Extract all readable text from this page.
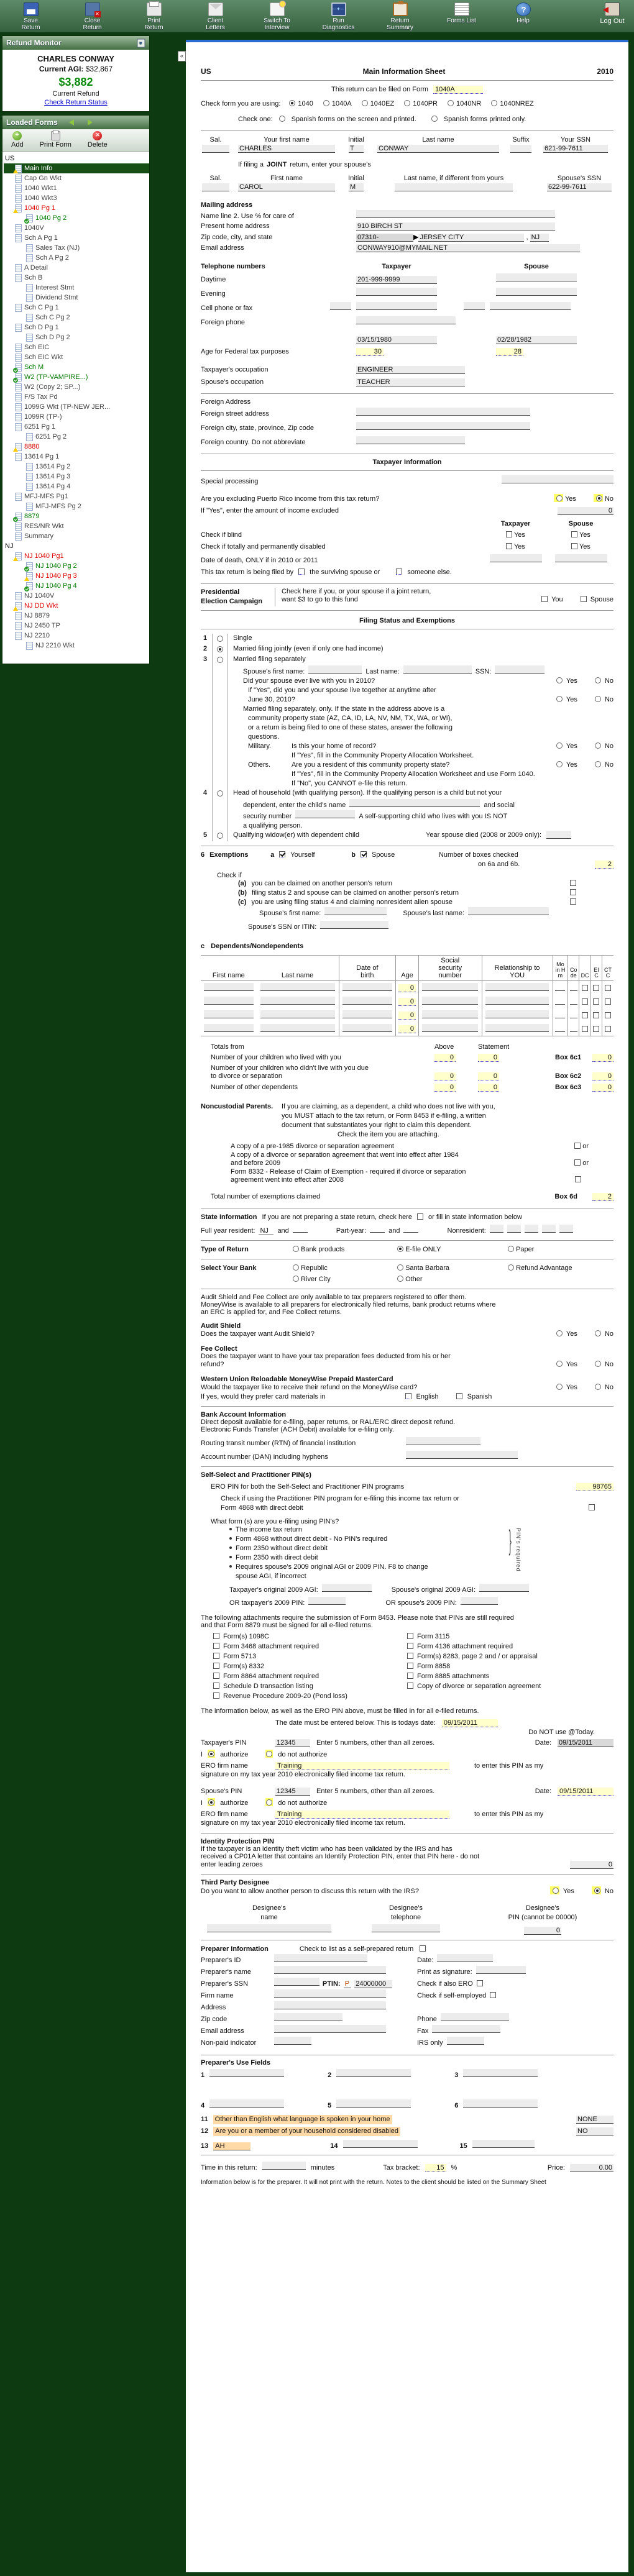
Save
Return
✕
Close
Return
Print
Return
Client
Letters
Switch To
Interview
─✦─
Run
Diagnostics
Return
Summary
Forms List
?	Help	Log Out
Refund Monitor	»
CHARLES CONWAY
Current AGI: $32,867
$3,882
Current Refund
Check Return Status
Loaded Forms
+
Add Print Form
✕ Delete
US
Main Info
Cap Gn Wkt
1040 Wkt1
1040 Wkt3
1040 Pg 1
1040 Pg 2
1040V
Sch A Pg 1
Sales Tax (NJ)
Sch A Pg 2
A Detail
Sch B
Interest Stmt
Dividend Stmt
Sch C Pg 1
Sch C Pg 2
Sch D Pg 1
Sch D Pg 2
Sch EIC
Sch EIC Wkt
Sch M
W2 (TP-VAMPIRE...)
W2 (Copy 2; SP...)
F/S Tax Pd
1099G Wkt (TP-NEW JER...
1099R (TP-)
6251 Pg 1
6251 Pg 2
8880
13614 Pg 1
13614 Pg 2
13614 Pg 3
13614 Pg 4
MFJ-MFS Pg1
MFJ-MFS Pg 2
8879
RES/NR Wkt
Summary
NJ
NJ 1040 Pg1
NJ 1040 Pg 2
NJ 1040 Pg 3
NJ 1040 Pg 4
NJ 1040V
NJ DD Wkt
NJ 8879
NJ 2450 TP
NJ 2210
NJ 2210 Wkt
«
US	Main Information Sheet	2010
This return can be filed on Form 1040A
Check form you are using:	1040	1040A	1040EZ	1040PR	1040NR	1040NREZ
Check one:	Spanish forms on the screen and printed.	Spanish forms printed only.
Sal.	Your first name
CHARLES
Initial
T
Last name
CONWAY
Suffix	Your SSN
621-99-7611
If filing a JOINT return, enter your spouse's
Sal.	First name
CAROL
Initial
M
Last name, if different from yours	Spouse's SSN
622-99-7611
Mailing address
Name line 2. Use % for care of
Present home address	910 BIRCH ST
Zip code, city, and state	07310-	▶ JERSEY CITY	, NJ
Email address	CONWAY910@MYMAIL.NET
Telephone numbers	Taxpayer	Spouse
Daytime	201-999-9999
Evening
Cell phone or fax
Foreign phone
03/15/1980	02/28/1982
Age for Federal tax purposes	30	28
Taxpayer's occupation	ENGINEER
Spouse's occupation	TEACHER
Foreign Address
Foreign street address
Foreign city, state, province, Zip code
Foreign country. Do not abbreviate
Taxpayer Information
Special processing
Are you excluding Puerto Rico income from this tax return?	Yes	No
If "Yes", enter the amount of income excluded	0
Taxpayer	Spouse
Check if blind	Yes	Yes
Check if totally and permanently disabled	Yes	Yes
Date of death, ONLY if in 2010 or 2011
This tax return is being filed by the surviving spouse or	someone else.
Presidential
Election Campaign
Check here if you, or your spouse if a joint return,
want $3 to go to this fund	You	Spouse
Filing Status and Exemptions
1	Single
2	Married filing jointly (even if only one had income)
3	Married filing separately
Spouse's first name:	Last name:	SSN:
Did your spouse ever live with you in 2010?	Yes	No
If "Yes", did you and your spouse live together at anytime after
June 30, 2010?	Yes	No
Married filing separately, only. If the state in the address above is a
community property state (AZ, CA, ID, LA, NV, NM, TX, WA, or WI),
or a return is being filed to one of these states, answer the following
questions.
Military.	Is this your home of record?	Yes	No
If "Yes", fill in the Community Property Allocation Worksheet.
Others.	Are you a resident of this community property state?	Yes	No
If "Yes", fill in the Community Property Allocation Worksheet and use Form 1040.
If "No", you CANNOT e-file this return.
4	Head of household (with qualifying person). If the qualifying person is a child but not your
dependent, enter the child's name	and social
security number	A self-supporting child who lives with you IS NOT
a qualifying person.
5	Qualifying widow(er) with dependent child	Year spouse died (2008 or 2009 only):
6 Exemptions	a Yourself	b Spouse	Number of boxes checked
on 6a and 6b.	2
Check if
(a) you can be claimed on another person's return
(b) filing status 2 and spouse can be claimed on another person's return
(c) you are using filing status 4 and claiming nonresident alien spouse
Spouse's first name:	Spouse's last name:
Spouse's SSN or ITIN:
c Dependents/Nondependents
First name	Last name	Date of birth	Age	Social security number	Relationship to YOU	Mo in Hm	Code	DC	EIC	CTC
			0							
			0							
			0							
			0							
Totals from	Above	Statement
Number of your children who lived with you	0	0	Box 6c1	0
Number of your children who didn't live with you due
to divorce or separation	0	0	Box 6c2	0
Number of other dependents	0	0	Box 6c3	0
Noncustodial Parents.	If you are claiming, as a dependent, a child who does not live with you,
you MUST attach to the tax return, or Form 8453 if e-filing, a written
document that substantiates your right to claim this dependent.
Check the item you are attaching.
A copy of a pre-1985 divorce or separation agreement	or
A copy of a divorce or separation agreement that went into effect after 1984
and before 2009	or
Form 8332 - Release of Claim of Exemption - required if divorce or separation
agreement went into effect after 2008
Total number of exemptions claimed	Box 6d	2
State Information If you are not preparing a state return, check here or fill in state information below
Full year resident: NJ	and	Part-year:	and	Nonresident:
Type of Return	Bank products	E-file ONLY	Paper
Select Your Bank	Republic	Santa Barbara	Refund Advantage
River City	Other
Audit Shield and Fee Collect are only available to tax preparers registered to offer them.
MoneyWise is available to all preparers for electronically filed returns, bank product returns where
an ERC is applied for, and Fee Collect returns.
Audit Shield
Does the taxpayer want Audit Shield?	Yes	No
Fee Collect
Does the taxpayer want to have your tax preparation fees deducted from his or her
refund?	Yes	No
Western Union Reloadable MoneyWise Prepaid MasterCard
Would the taxpayer like to receive their refund on the MoneyWise card?	Yes	No
If yes, would they prefer card materials in	English	Spanish
Bank Account Information
Direct deposit available for e-filing, paper returns, or RAL/ERC direct deposit refund.
Electronic Funds Transfer (ACH Debit) available for e-filing only.
Routing transit number (RTN) of financial institution
Account number (DAN) including hyphens
Self-Select and Practitioner PIN(s)
ERO PIN for both the Self-Select and Practitioner PIN programs	98765
Check if using the Practitioner PIN program for e-filing this income tax return or
Form 4868 with direct debit
What form (s) are you e-filing using PIN's?
The income tax return
Form 4868 without direct debit - No PIN's required
Form 2350 without direct debit
Form 2350 with direct debit
Requires spouse's 2009 original AGI or 2009 PIN. F8 to change
spouse AGI, if incorrect
} PIN's required
Taxpayer's original 2009 AGI:	Spouse's original 2009 AGI:
OR taxpayer's 2009 PIN:	OR spouse's 2009 PIN:
The following attachments require the submission of Form 8453. Please note that PINs are still required
and that Form 8879 must be signed for all e-filed returns.
Form(s) 1098C
Form 3468 attachment required
Form 5713
Form(s) 8332
Form 8864 attachment required
Schedule D transaction listing
Revenue Procedure 2009-20 (Pond loss)
Form 3115
Form 4136 attachment required
Form(s) 8283, page 2 and / or appraisal
Form 8858
Form 8885 attachments
Copy of divorce or separation agreement
The information below, as well as the ERO PIN above, must be filled in for all e-filed returns.
The date must be entered below. This is todays date: 09/15/2011
Do NOT use @Today.
Taxpayer's PIN	12345	Enter 5 numbers, other than all zeroes.	Date: 09/15/2011
I	authorize	do not authorize
ERO firm name	Training	to enter this PIN as my
signature on my tax year 2010 electronically filed income tax return.
Spouse's PIN	12345	Enter 5 numbers, other than all zeroes.	Date: 09/15/2011
I	authorize	do not authorize
ERO firm name	Training	to enter this PIN as my
signature on my tax year 2010 electronically filed income tax return.
Identity Protection PIN
If the taxpayer is an identity theft victim who has been validated by the IRS and has
received a CP01A letter that contains an Identify Protection PIN, enter that PIN here - do not
enter leading zeroes	0
Third Party Designee
Do you want to allow another person to discuss this return with the IRS?	Yes	No
Designee's
name
Designee's
telephone
Designee's
PIN (cannot be 00000)
0
Preparer Information	Check to list as a self-prepared return
Preparer's ID	Date:
Preparer's name	Print as signature:
Preparer's SSN	PTIN: P 24000000	Check if also ERO
Firm name	Check if self-employed
Address
Zip code	Phone
Email address	Fax
Non-paid indicator	IRS only
Preparer's Use Fields
1	2	3
4	5	6
11 Other than English what language is spoken in your home	NONE
12 Are you or a member of your household considered disabled	NO
13 AH	14	15
Time in this return:	minutes	Tax bracket:	15 %	Price:	0.00
Information below is for the preparer. It will not print with the return. Notes to the client should be listed on the Summary Sheet
